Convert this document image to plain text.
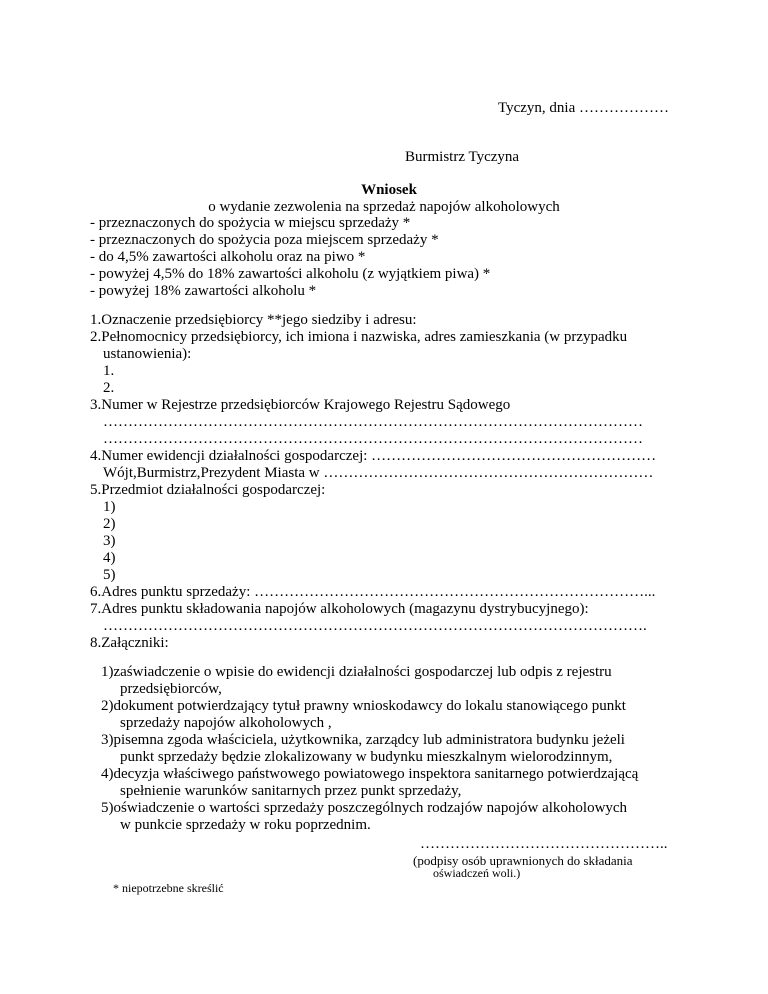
Tyczyn, dnia ………………
Burmistrz Tyczyna
Wniosek
o wydanie zezwolenia na sprzedaż napojów alkoholowych
- przeznaczonych do spożycia w miejscu sprzedaży *
- przeznaczonych do spożycia poza miejscem sprzedaży *
- do 4,5% zawartości alkoholu oraz na piwo *
- powyżej 4,5% do 18% zawartości alkoholu (z wyjątkiem piwa) *
- powyżej 18% zawartości alkoholu *
1.Oznaczenie przedsiębiorcy **jego siedziby i adresu:
2.Pełnomocnicy przedsiębiorcy, ich imiona i nazwiska, adres zamieszkania (w przypadku
ustanowienia):
1.
2.
3.Numer w Rejestrze przedsiębiorców Krajowego Rejestru Sądowego
………………………………………………………………………………………………
………………………………………………………………………………………………
4.Numer ewidencji działalności gospodarczej: …………………………………………………
Wójt,Burmistrz,Prezydent Miasta w …………………………………………………………
5.Przedmiot działalności gospodarczej:
1)
2)
3)
4)
5)
6.Adres punktu sprzedaży: ……………………………………………………………………...
7.Adres punktu składowania napojów alkoholowych (magazynu dystrybucyjnego):
……………………………………………………………………………………………….
8.Załączniki:
1)zaświadczenie o wpisie do ewidencji działalności gospodarczej lub odpis z rejestru
przedsiębiorców,
2)dokument potwierdzający tytuł prawny wnioskodawcy do lokalu stanowiącego punkt
sprzedaży napojów alkoholowych ,
3)pisemna zgoda właściciela, użytkownika, zarządcy lub administratora budynku jeżeli
punkt sprzedaży będzie zlokalizowany w budynku mieszkalnym wielorodzinnym,
4)decyzja właściwego państwowego powiatowego inspektora sanitarnego potwierdzającą
spełnienie warunków sanitarnych przez punkt sprzedaży,
5)oświadczenie o wartości sprzedaży poszczególnych rodzajów napojów alkoholowych
w punkcie sprzedaży w roku poprzednim.
…………………………………………..
(podpisy osób uprawnionych do składania
oświadczeń woli.)
* niepotrzebne skreślić
